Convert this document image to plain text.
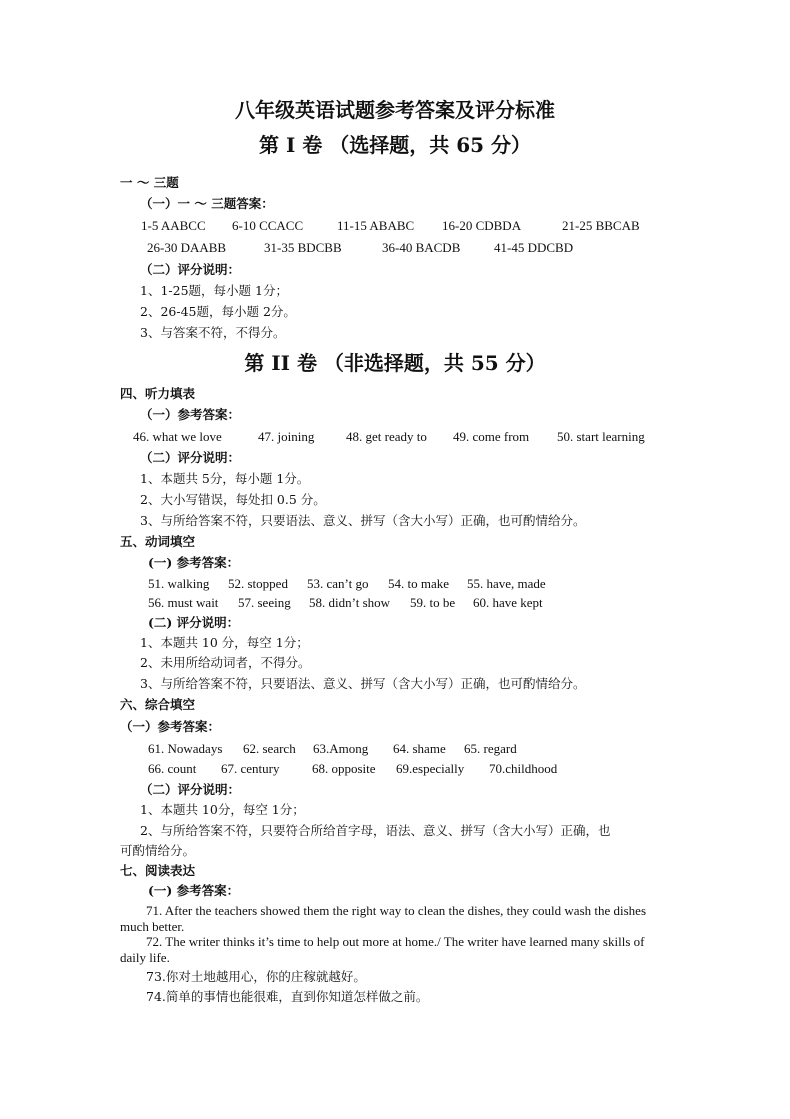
八年级英语试题参考答案及评分标准
第 I 卷 （选择题，共 65 分）
一 ～ 三题
（一）一 ～ 三题答案：
1-5 AABCC 6-10 CCACC	11-15 ABABC 16-20 CDBDA	21-25 BBCAB
26-30 DAABB	31-35 BDCBB	36-40 BACDB	41-45 DDCBD
（二）评分说明：
1、1-25题，每小题 1分；
2、26-45题，每小题 2分。
3、与答案不符，不得分。
第 II 卷 （非选择题，共 55 分）
四、听力填表
（一）参考答案：
46. what we love	47. joining 48. get ready to 49. come from 50. start learning
（二）评分说明：
1、本题共 5分，每小题 1分。
2、大小写错误，每处扣 0.5 分。
3、与所给答案不符，只要语法、意义、拼写（含大小写）正确，也可酌情给分。
五、动词填空
(一) 参考答案：
51. walking 52. stopped 53. can’t go 54. to make 55. have, made
56. must wait 57. seeing 58. didn’t show 59. to be 60. have kept
(二) 评分说明：
1、本题共 10 分，每空 1分；
2、未用所给动词者，不得分。
3、与所给答案不符，只要语法、意义、拼写（含大小写）正确，也可酌情给分。
六、综合填空
（一）参考答案：
61. Nowadays 62. search 63.Among 64. shame 65. regard
66. count 67. century	68. opposite 69.especially 70.childhood
（二）评分说明：
1、本题共 10分，每空 1分；
2、与所给答案不符，只要符合所给首字母，语法、意义、拼写（含大小写）正确，也
可酌情给分。
七、阅读表达
(一) 参考答案：
71. After the teachers showed them the right way to clean the dishes, they could wash the dishes much better.
72. The writer thinks it’s time to help out more at home./ The writer have learned many skills of daily life.
73.你对土地越用心，你的庄稼就越好。
74.简单的事情也能很难，直到你知道怎样做之前。
